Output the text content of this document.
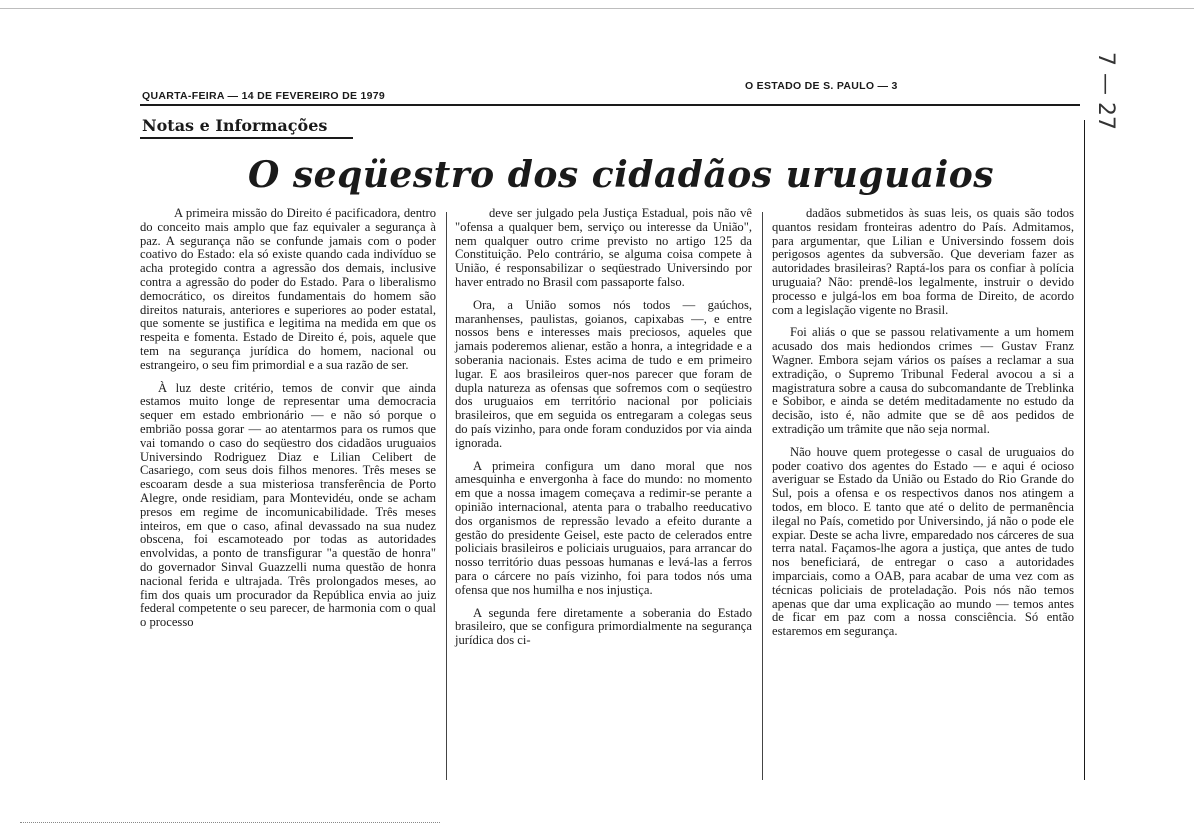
QUARTA-FEIRA — 14 DE FEVEREIRO DE 1979
O ESTADO DE S. PAULO — 3	7 — 27
Notas e Informações
O seqüestro dos cidadãos uruguaios

A primeira missão do Direito é pacificadora, dentro do conceito mais amplo que faz equivaler a segurança à paz. A segurança não se confunde jamais com o poder coativo do Estado: ela só existe quando cada indivíduo se acha protegido contra a agressão dos demais, inclusive contra a agressão do poder do Estado. Para o liberalismo democrático, os direitos fundamentais do homem são direitos naturais, anteriores e superiores ao poder estatal, que somente se justifica e legitima na medida em que os respeita e fomenta. Estado de Direito é, pois, aquele que tem na segurança jurídica do homem, nacional ou estrangeiro, o seu fim primordial e a sua razão de ser.

À luz deste critério, temos de convir que ainda estamos muito longe de representar uma democracia sequer em estado embrionário — e não só porque o embrião possa gorar — ao atentarmos para os rumos que vai tomando o caso do seqüestro dos cidadãos uruguaios Universindo Rodriguez Diaz e Lilian Celibert de Casariego, com seus dois filhos menores. Três meses se escoaram desde a sua misteriosa transferência de Porto Alegre, onde residiam, para Montevidéu, onde se acham presos em regime de incomunicabilidade. Três meses inteiros, em que o caso, afinal devassado na sua nudez obscena, foi escamoteado por todas as autoridades envolvidas, a ponto de transfigurar "a questão de honra" do governador Sinval Guazzelli numa questão de honra nacional ferida e ultrajada. Três prolongados meses, ao fim dos quais um procurador da República envia ao juiz federal competente o seu parecer, de harmonia com o qual o processo

deve ser julgado pela Justiça Estadual, pois não vê "ofensa a qualquer bem, serviço ou interesse da União", nem qualquer outro crime previsto no artigo 125 da Constituição. Pelo contrário, se alguma coisa compete à União, é responsabilizar o seqüestrado Universindo por haver entrado no Brasil com passaporte falso.

Ora, a União somos nós todos — gaúchos, maranhenses, paulistas, goianos, capixabas —, e entre nossos bens e interesses mais preciosos, aqueles que jamais poderemos alienar, estão a honra, a integridade e a soberania nacionais. Estes acima de tudo e em primeiro lugar. E aos brasileiros quer-nos parecer que foram de dupla natureza as ofensas que sofremos com o seqüestro dos uruguaios em território nacional por policiais brasileiros, que em seguida os entregaram a colegas seus do país vizinho, para onde foram conduzidos por via ainda ignorada.

A primeira configura um dano moral que nos amesquinha e envergonha à face do mundo: no momento em que a nossa imagem começava a redimir-se perante a opinião internacional, atenta para o trabalho reeducativo dos organismos de repressão levado a efeito durante a gestão do presidente Geisel, este pacto de celerados entre policiais brasileiros e policiais uruguaios, para arrancar do nosso território duas pessoas humanas e levá-las a ferros para o cárcere no país vizinho, foi para todos nós uma ofensa que nos humilha e nos injustiça.

A segunda fere diretamente a soberania do Estado brasileiro, que se configura primordialmente na segurança jurídica dos ci-

dadãos submetidos às suas leis, os quais são todos quantos residam fronteiras adentro do País. Admitamos, para argumentar, que Lilian e Universindo fossem dois perigosos agentes da subversão. Que deveriam fazer as autoridades brasileiras? Raptá-los para os confiar à polícia uruguaia? Não: prendê-los legalmente, instruir o devido processo e julgá-los em boa forma de Direito, de acordo com a legislação vigente no Brasil.

Foi aliás o que se passou relativamente a um homem acusado dos mais hediondos crimes — Gustav Franz Wagner. Embora sejam vários os países a reclamar a sua extradição, o Supremo Tribunal Federal avocou a si a magistratura sobre a causa do subcomandante de Treblinka e Sobibor, e ainda se detém meditadamente no estudo da decisão, isto é, não admite que se dê aos pedidos de extradição um trâmite que não seja normal.

Não houve quem protegesse o casal de uruguaios do poder coativo dos agentes do Estado — e aqui é ocioso averiguar se Estado da União ou Estado do Rio Grande do Sul, pois a ofensa e os respectivos danos nos atingem a todos, em bloco. E tanto que até o delito de permanência ilegal no País, cometido por Universindo, já não o pode ele expiar. Deste se acha livre, emparedado nos cárceres de sua terra natal. Façamos-lhe agora a justiça, que antes de tudo nos beneficiará, de entregar o caso a autoridades imparciais, como a OAB, para acabar de uma vez com as técnicas policiais de proteladação. Pois nós não temos apenas que dar uma explicação ao mundo — temos antes de ficar em paz com a nossa consciência. Só então estaremos em segurança.
